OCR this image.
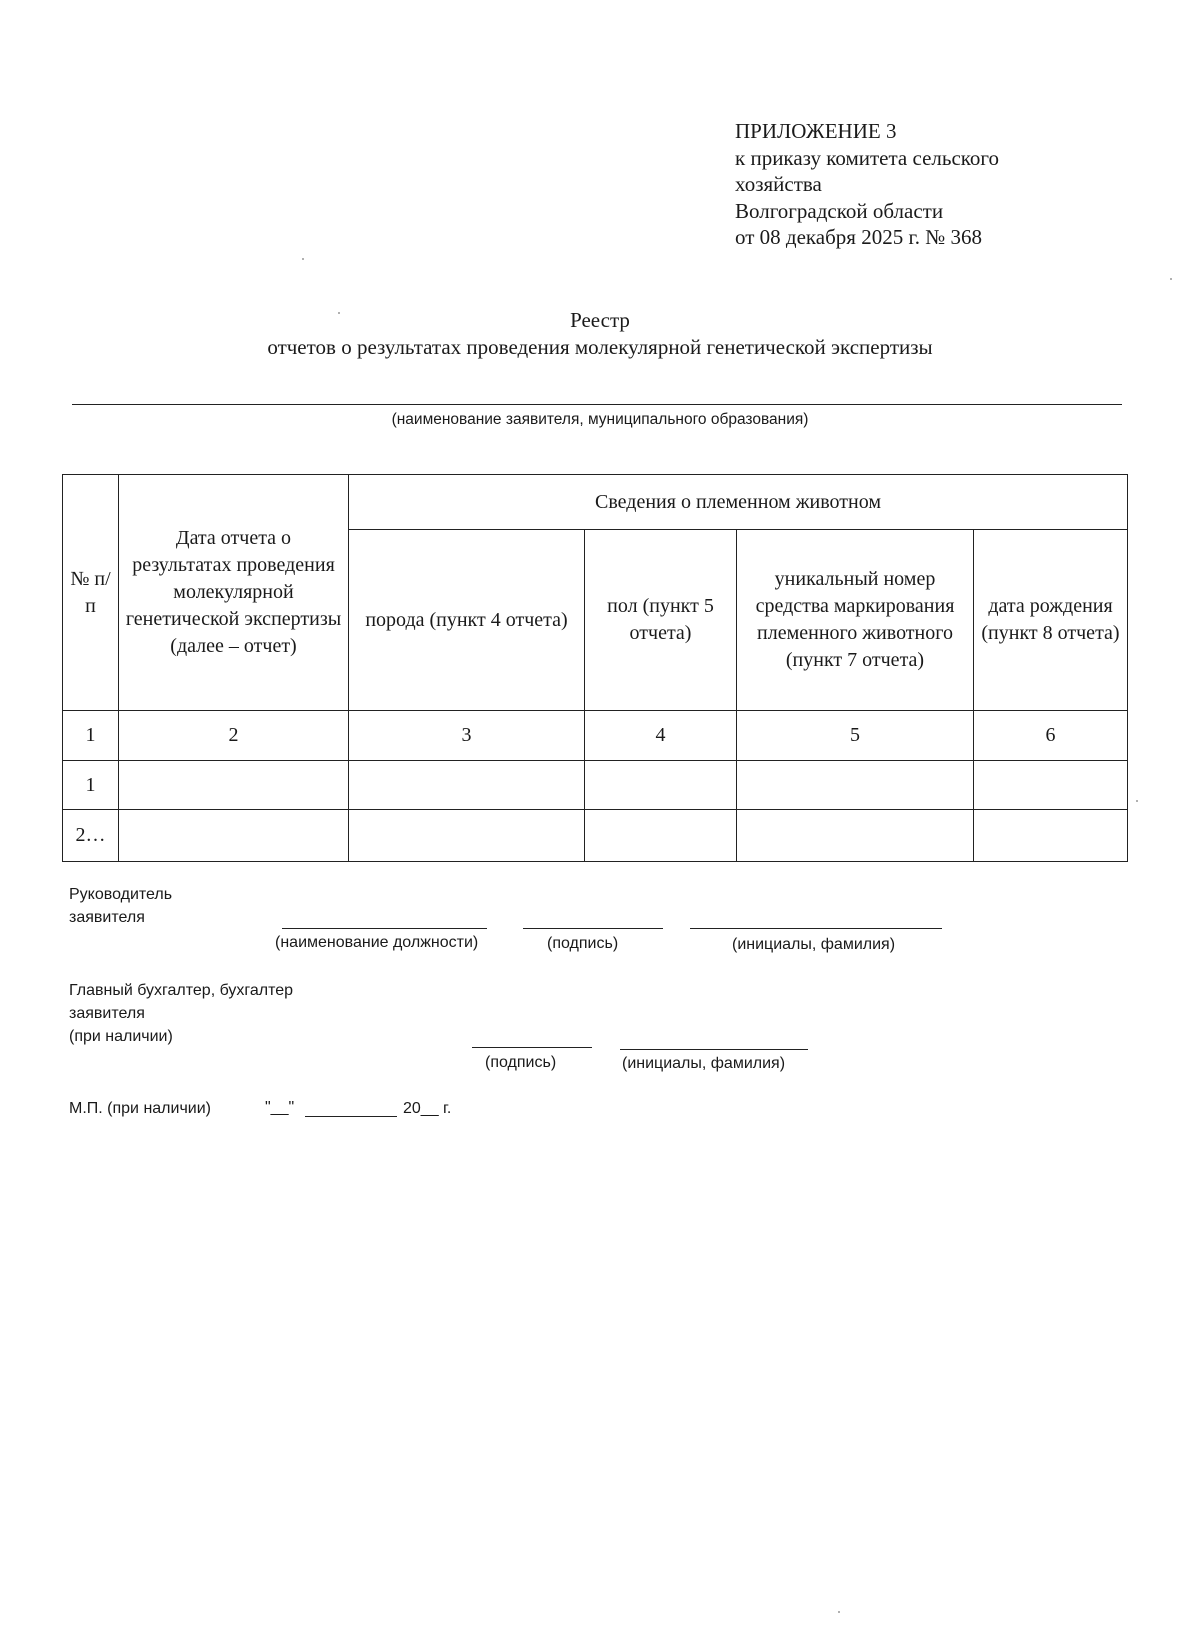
ПРИЛОЖЕНИЕ 3
к приказу комитета сельского
хозяйства
Волгоградской области
от 08 декабря 2025 г. № 368
Реестр
отчетов о результатах проведения молекулярной генетической экспертизы
(наименование заявителя, муниципального образования)
№ п/п	Дата отчета о результатах проведения молекулярной генетической экспертизы (далее – отчет)	Сведения о племенном животном			
		порода (пункт 4 отчета)	пол (пункт 5 отчета)	уникальный номер средства маркирования племенного животного (пункт 7 отчета)	дата рождения (пункт 8 отчета)
1	2	3	4	5	6
1					
2…					
Руководитель
заявителя
(наименование должности)	(подпись)	(инициалы, фамилия)
Главный бухгалтер, бухгалтер
заявителя
(при наличии)
(подпись)	(инициалы, фамилия)
М.П. (при наличии)	"__"	20__ г.
